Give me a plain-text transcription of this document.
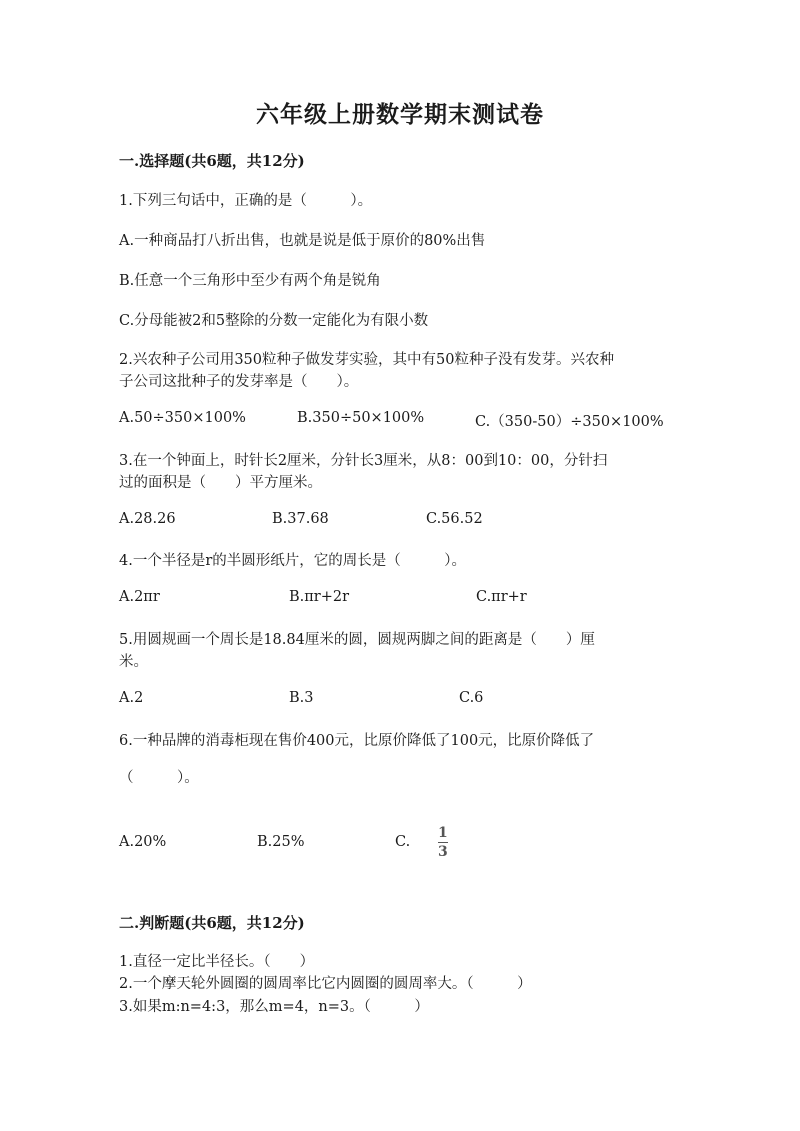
六年级上册数学期末测试卷
一.选择题(共6题，共12分)
1.下列三句话中，正确的是（　　　）。
A.一种商品打八折出售，也就是说是低于原价的80%出售
B.任意一个三角形中至少有两个角是锐角
C.分母能被2和5整除的分数一定能化为有限小数
2.兴农种子公司用350粒种子做发芽实验，其中有50粒种子没有发芽。兴农种
子公司这批种子的发芽率是（　　）。
A.50÷350×100%	B.350÷50×100%	C.（350-50）÷350×100%
3.在一个钟面上，时针长2厘米，分针长3厘米，从8：00到10：00，分针扫
过的面积是（　　）平方厘米。
A.28.26	B.37.68	C.56.52
4.一个半径是r的半圆形纸片，它的周长是（　　　）。
A.2πr	B.πr+2r	C.πr+r
5.用圆规画一个周长是18.84厘米的圆，圆规两脚之间的距离是（　　）厘
米。
A.2	B.3	C.6
6.一种品牌的消毒柜现在售价400元，比原价降低了100元，比原价降低了
（　　　）。
A.20%	B.25%	C.
1
3
二.判断题(共6题，共12分)
1.直径一定比半径长。（　　）
2.一个摩天轮外圆圈的圆周率比它内圆圈的圆周率大。（　　　）
3.如果m:n=4:3，那么m=4，n=3。（　　　）
